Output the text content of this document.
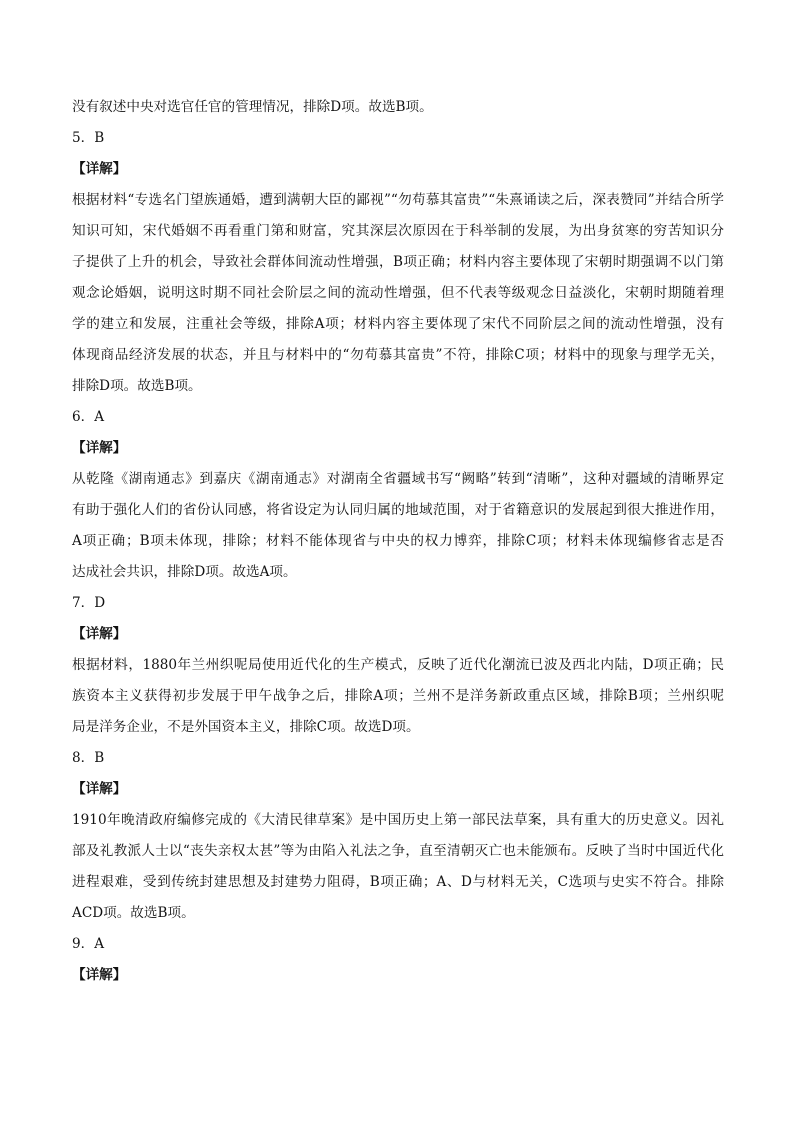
没有叙述中央对选官任官的管理情况，排除D项。故选B项。

5．B

【详解】

根据材料“专选名门望族通婚，遭到满朝大臣的鄙视”“勿苟慕其富贵”“朱熹诵读之后，深表赞同”并结合所学

知识可知，宋代婚姻不再看重门第和财富，究其深层次原因在于科举制的发展，为出身贫寒的穷苦知识分

子提供了上升的机会，导致社会群体间流动性增强，B项正确；材料内容主要体现了宋朝时期强调不以门第

观念论婚姻，说明这时期不同社会阶层之间的流动性增强，但不代表等级观念日益淡化，宋朝时期随着理

学的建立和发展，注重社会等级，排除A项；材料内容主要体现了宋代不同阶层之间的流动性增强，没有

体现商品经济发展的状态，并且与材料中的“勿苟慕其富贵”不符，排除C项；材料中的现象与理学无关，

排除D项。故选B项。

6．A

【详解】

从乾隆《湖南通志》到嘉庆《湖南通志》对湖南全省疆域书写“阙略”转到“清晰”，这种对疆域的清晰界定

有助于强化人们的省份认同感，将省设定为认同归属的地域范围，对于省籍意识的发展起到很大推进作用，

A项正确；B项未体现，排除；材料不能体现省与中央的权力博弈，排除C项；材料未体现编修省志是否

达成社会共识，排除D项。故选A项。

7．D

【详解】

根据材料，1880年兰州织呢局使用近代化的生产模式，反映了近代化潮流已波及西北内陆，D项正确；民

族资本主义获得初步发展于甲午战争之后，排除A项；兰州不是洋务新政重点区域，排除B项；兰州织呢

局是洋务企业，不是外国资本主义，排除C项。故选D项。

8．B

【详解】

1910年晚清政府编修完成的《大清民律草案》是中国历史上第一部民法草案，具有重大的历史意义。因礼

部及礼教派人士以“丧失亲权太甚”等为由陷入礼法之争，直至清朝灭亡也未能颁布。反映了当时中国近代化

进程艰难，受到传统封建思想及封建势力阻碍，B项正确；A、D与材料无关，C选项与史实不符合。排除

ACD项。故选B项。

9．A

【详解】
